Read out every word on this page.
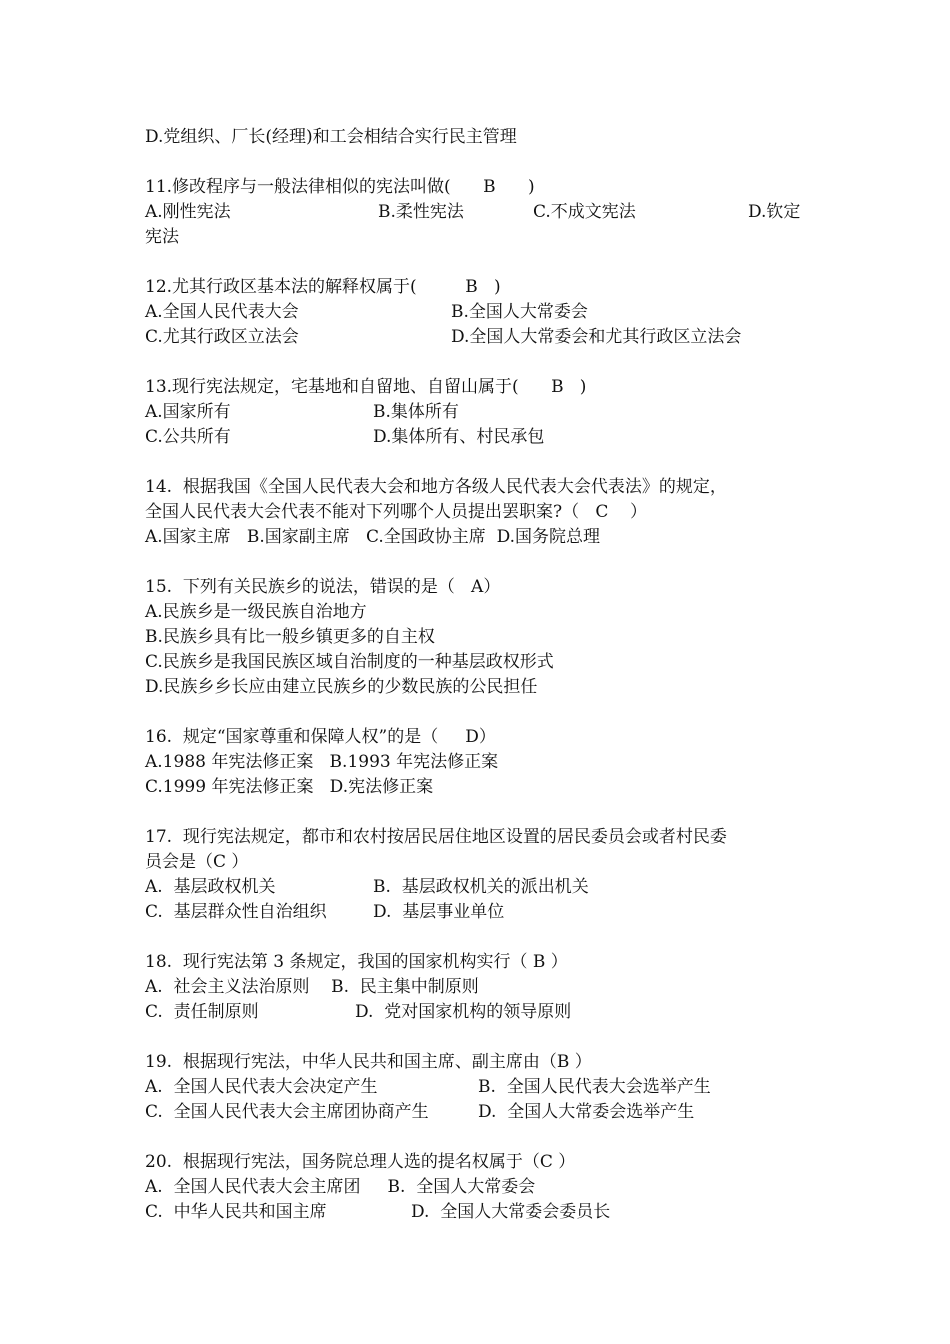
D.党组织、厂长(经理)和工会相结合实行民主管理
11.修改程序与一般法律相似的宪法叫做(      B      )
A.刚性宪法	B.柔性宪法	C.不成文宪法	D.钦定
宪法
12.尤其行政区基本法的解释权属于(         B   )
A.全国人民代表大会	B.全国人大常委会
C.尤其行政区立法会	D.全国人大常委会和尤其行政区立法会
13.现行宪法规定，宅基地和自留地、自留山属于(      B   )
A.国家所有	B.集体所有
C.公共所有	D.集体所有、村民承包
14.  根据我国《全国人民代表大会和地方各级人民代表大会代表法》的规定，
全国人民代表大会代表不能对下列哪个人员提出罢职案?（   C    ）
A.国家主席   B.国家副主席   C.全国政协主席  D.国务院总理
15.  下列有关民族乡的说法，错误的是（   A）
A.民族乡是一级民族自治地方
B.民族乡具有比一般乡镇更多的自主权
C.民族乡是我国民族区域自治制度的一种基层政权形式
D.民族乡乡长应由建立民族乡的少数民族的公民担任
16.  规定“国家尊重和保障人权”的是（     D）
A.1988 年宪法修正案   B.1993 年宪法修正案
C.1999 年宪法修正案   D.宪法修正案
17.  现行宪法规定，都市和农村按居民居住地区设置的居民委员会或者村民委
员会是（C ）
A.  基层政权机关	B.  基层政权机关的派出机关
C.  基层群众性自治组织	D.  基层事业单位
18.  现行宪法第 3 条规定，我国的国家机构实行（ B ）
A.  社会主义法治原则    B.  民主集中制原则
C.  责任制原则	D.  党对国家机构的领导原则
19.  根据现行宪法，中华人民共和国主席、副主席由（B ）
A.  全国人民代表大会决定产生	B.  全国人民代表大会选举产生
C.  全国人民代表大会主席团协商产生	D.  全国人大常委会选举产生
20.  根据现行宪法，国务院总理人选的提名权属于（C ）
A.  全国人民代表大会主席团     B.  全国人大常委会
C.  中华人民共和国主席	D.  全国人大常委会委员长
